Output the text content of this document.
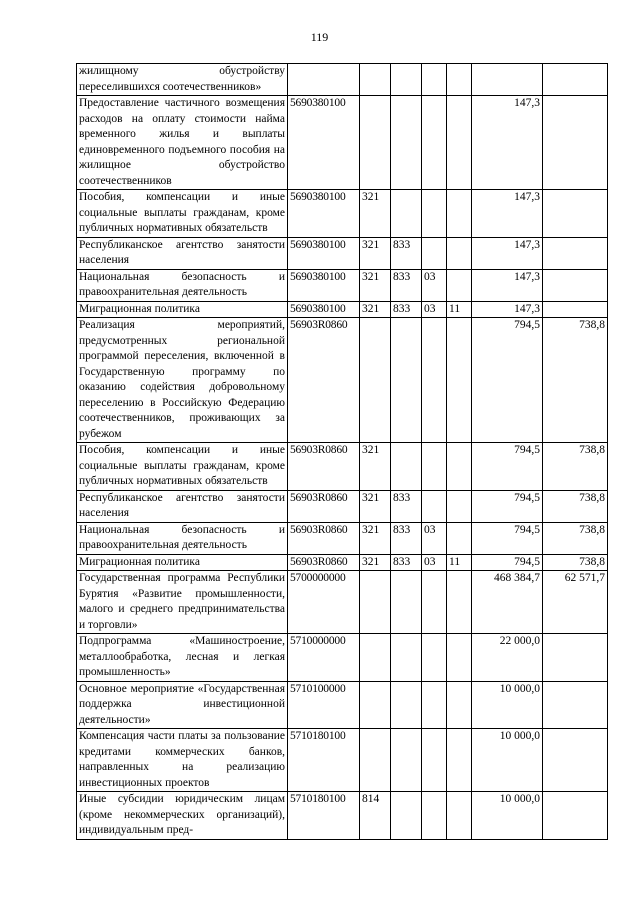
119
жилищному обустройству переселившихся соотечественников»							
Предоставление частичного возмещения расходов на оплату стоимости найма временного жилья и выплаты единовременного подъемного пособия на жилищное обустройство соотечественников	5690380100					147,3	
Пособия, компенсации и иные социальные выплаты гражданам, кроме публичных нормативных обязательств	5690380100	321				147,3	
Республиканское агентство занятости населения	5690380100	321	833			147,3	
Национальная безопасность и правоохранительная деятельность	5690380100	321	833	03		147,3	
Миграционная политика	5690380100	321	833	03	11	147,3	
Реализация мероприятий, предусмотренных региональной программой переселения, включенной в Государственную программу по оказанию содействия добровольному переселению в Российскую Федерацию соотечественников, проживающих за рубежом	56903R0860					794,5	738,8
Пособия, компенсации и иные социальные выплаты гражданам, кроме публичных нормативных обязательств	56903R0860	321				794,5	738,8
Республиканское агентство занятости населения	56903R0860	321	833			794,5	738,8
Национальная безопасность и правоохранительная деятельность	56903R0860	321	833	03		794,5	738,8
Миграционная политика	56903R0860	321	833	03	11	794,5	738,8
Государственная программа Республики Бурятия «Развитие промышленности, малого и среднего предпринимательства и торговли»	5700000000					468 384,7	62 571,7
Подпрограмма «Машиностроение, металлообработка, лесная и легкая промышленность»	5710000000					22 000,0	
Основное мероприятие «Государственная поддержка инвестиционной деятельности»	5710100000					10 000,0	
Компенсация части платы за пользование кредитами коммерческих банков, направленных на реализацию инвестиционных проектов	5710180100					10 000,0	
Иные субсидии юридическим лицам (кроме некоммерческих организаций), индивидуальным пред-	5710180100	814				10 000,0	
